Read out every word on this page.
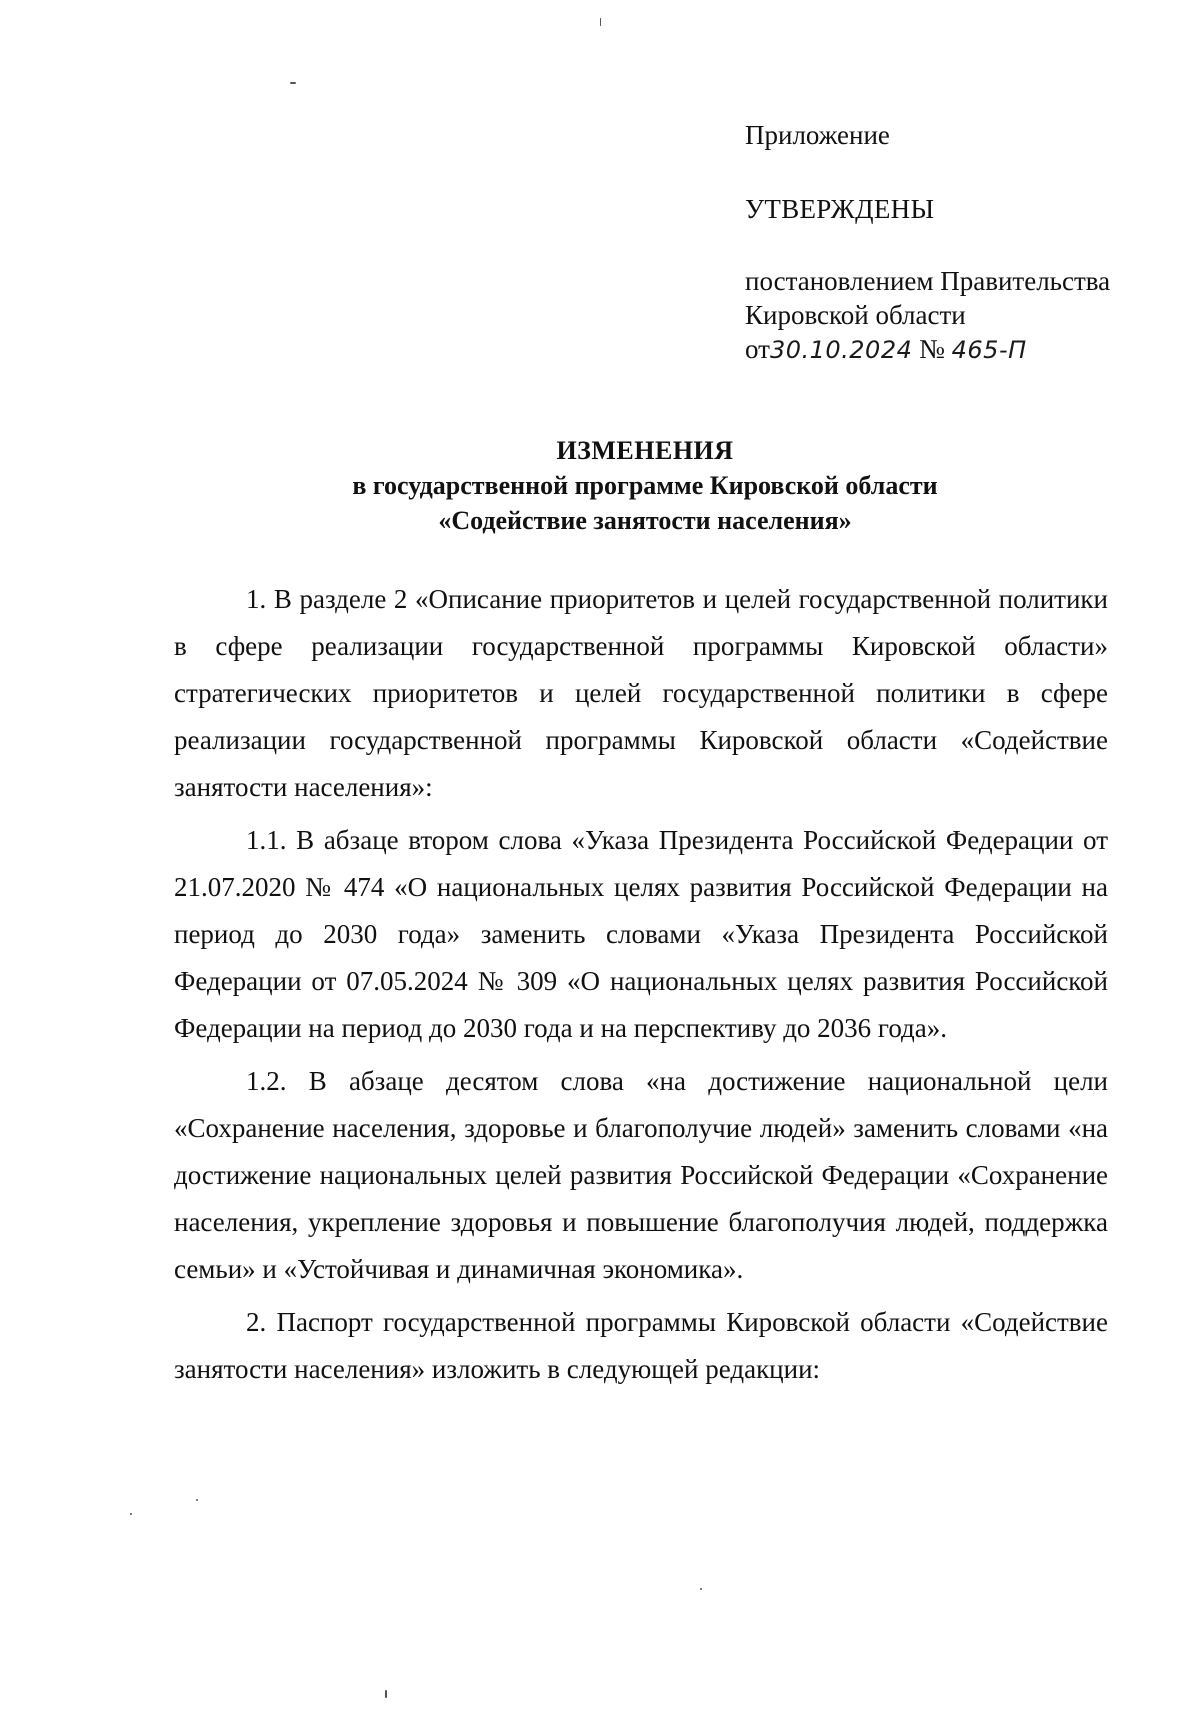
Приложение

УТВЕРЖДЕНЫ

постановлением Правительства

Кировской области

от30.10.2024 № 465-П

ИЗМЕНЕНИЯ
в государственной программе Кировской области
«Содействие занятости населения»

1. В разделе 2 «Описание приоритетов и целей государственной политики в сфере реализации государственной программы Кировской области» стратегических приоритетов и целей государственной политики в сфере реализации государственной программы Кировской области «Содействие занятости населения»:

1.1. В абзаце втором слова «Указа Президента Российской Федерации от 21.07.2020 № 474 «О национальных целях развития Российской Федерации на период до 2030 года» заменить словами «Указа Президента Российской Федерации от 07.05.2024 № 309 «О национальных целях развития Российской Федерации на период до 2030 года и на перспективу до 2036 года».

1.2. В абзаце десятом слова «на достижение национальной цели «Сохранение населения, здоровье и благополучие людей» заменить словами «на достижение национальных целей развития Российской Федерации «Сохранение населения, укрепление здоровья и повышение благополучия людей, поддержка семьи» и «Устойчивая и динамичная экономика».

2. Паспорт государственной программы Кировской области «Содействие занятости населения» изложить в следующей редакции:
